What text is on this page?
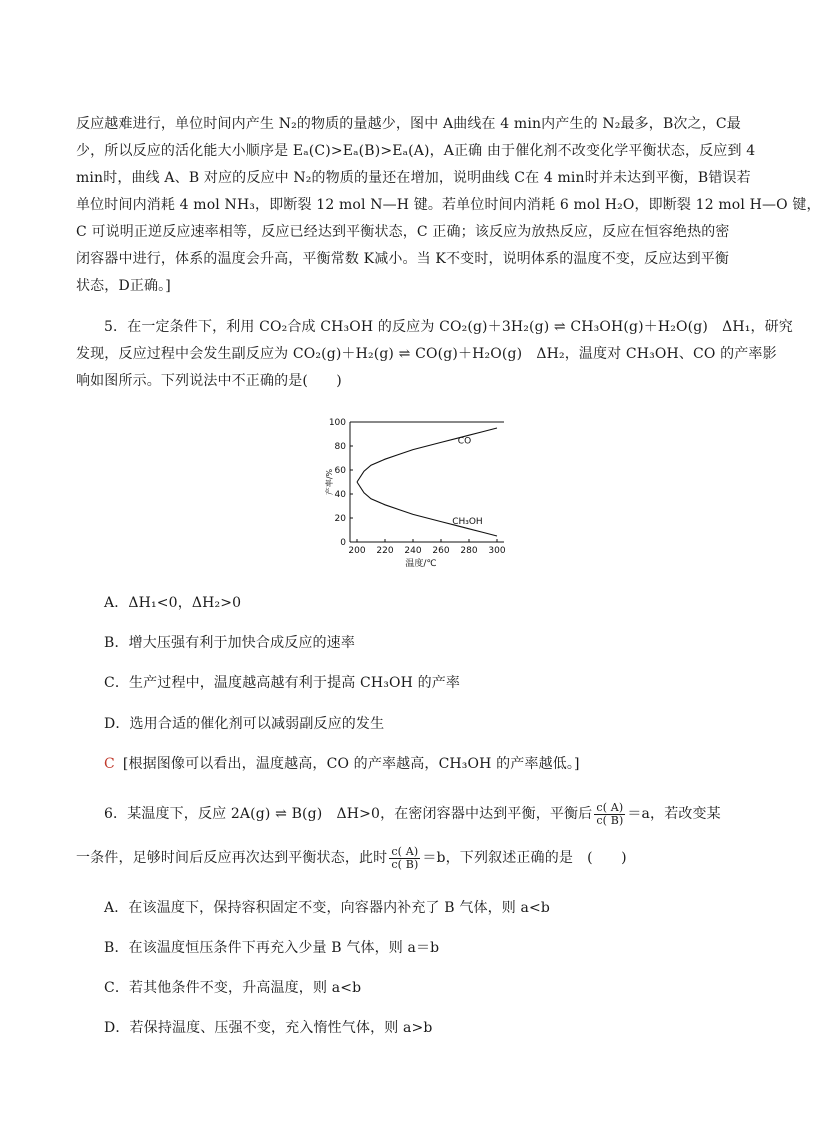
反应越难进行，单位时间内产生 N₂的物质的量越少，图中 A曲线在 4 min内产生的 N₂最多，B次之，C最
少，所以反应的活化能大小顺序是 Eₐ(C)>Eₐ(B)>Eₐ(A)，A正确 由于催化剂不改变化学平衡状态，反应到 4
min时，曲线 A、B 对应的反应中 N₂的物质的量还在增加，说明曲线 C在 4 min时并未达到平衡，B错误若
单位时间内消耗 4 mol NH₃，即断裂 12 mol N—H 键。若单位时间内消耗 6 mol H₂O，即断裂 12 mol H—O 键，
C 可说明正逆反应速率相等，反应已经达到平衡状态，C 正确；该反应为放热反应，反应在恒容绝热的密
闭容器中进行，体系的温度会升高，平衡常数 K减小。当 K不变时，说明体系的温度不变，反应达到平衡
状态，D正确。]
5．在一定条件下，利用 CO₂合成 CH₃OH 的反应为 CO₂(g)＋3H₂(g) ⇌ CH₃OH(g)＋H₂O(g)　ΔH₁，研究
发现，反应过程中会发生副反应为 CO₂(g)＋H₂(g) ⇌ CO(g)＋H₂O(g)　ΔH₂，温度对 CH₃OH、CO 的产率影
响如图所示。下列说法中不正确的是(　　)
0
20
40
60
80
100
200 220 240 260 280 300
温度/℃
产率/%
CO
CH₃OH
A．ΔH₁<0，ΔH₂>0
B．增大压强有利于加快合成反应的速率
C．生产过程中，温度越高越有利于提高 CH₃OH 的产率
D．选用合适的催化剂可以减弱副反应的发生
C [根据图像可以看出，温度越高，CO 的产率越高，CH₃OH 的产率越低。]
6．某温度下，反应 2A(g) ⇌ B(g)　ΔH>0，在密闭容器中达到平衡，平衡后 $\frac{c( A)}{c( B)} =a$，若改变某
一条件，足够时间后反应再次达到平衡状态，此时 $\frac{c( A)}{c( B)} =b$，下列叙述正确的是　(　　)
A．在该温度下，保持容积固定不变，向容器内补充了 B 气体，则 a<b
B．在该温度恒压条件下再充入少量 B 气体，则 a＝b
C．若其他条件不变，升高温度，则 a<b
D．若保持温度、压强不变，充入惰性气体，则 a>b
